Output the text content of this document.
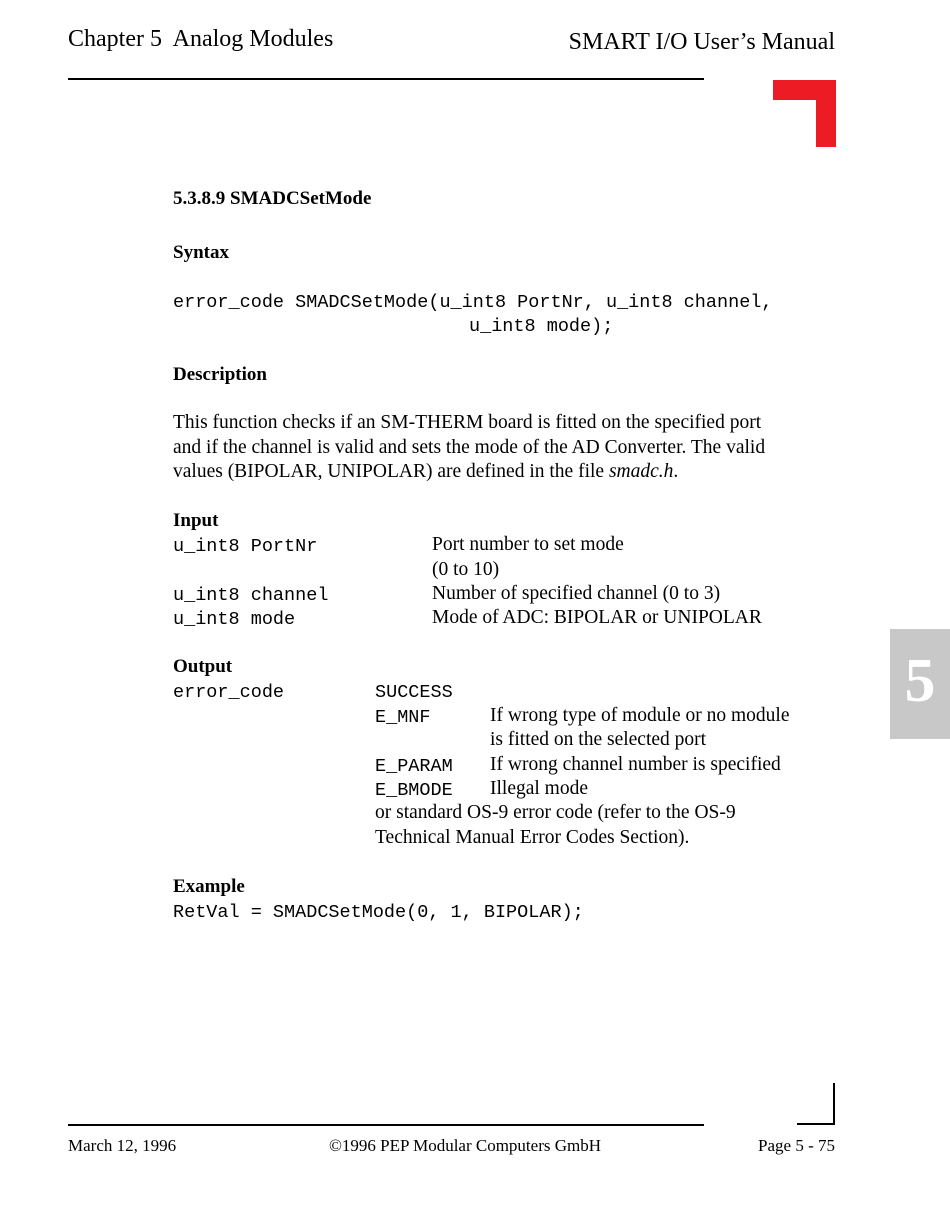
Chapter 5  Analog Modules	SMART I/O User’s Manual
5.3.8.9 SMADCSetMode
Syntax
error_code SMADCSetMode(u_int8 PortNr, u_int8 channel,
u_int8 mode);
Description
This function checks if an SM-THERM board is fitted on the specified port
and if the channel is valid and sets the mode of the AD Converter. The valid
values (BIPOLAR, UNIPOLAR) are defined in the file smadc.h.
Input
u_int8 PortNr	Port number to set mode
(0 to 10)
u_int8 channel	Number of specified channel (0 to 3)
u_int8 mode	Mode of ADC: BIPOLAR or UNIPOLAR
Output
error_code	SUCCESS
E_MNF	If wrong type of module or no module
is fitted on the selected port
E_PARAM If wrong channel number is specified
E_BMODE Illegal mode
or standard OS-9 error code (refer to the OS-9
Technical Manual Error Codes Section).
Example
RetVal = SMADCSetMode(0, 1, BIPOLAR);
5
March 12, 1996	©1996 PEP Modular Computers GmbH	Page 5 - 75
